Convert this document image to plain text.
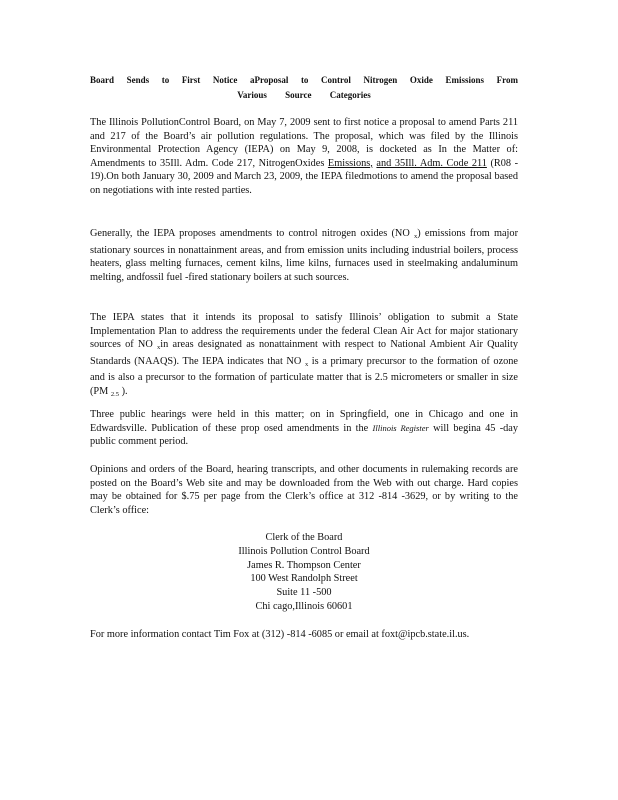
Board Sends to First Notice aProposal to Control Nitrogen Oxide Emissions From
Various Source Categories

The Illinois PollutionControl Board, on May 7, 2009 sent to first notice a proposal to amend Parts 211 and 217 of the Board’s air pollution regulations. The proposal, which was filed by the Illinois Environmental Protection Agency (IEPA) on May 9, 2008, is docketed as In the Matter of: Amendments to 35Ill. Adm. Code 217, NitrogenOxides Emissions, and 35Ill. Adm. Code 211 (R08 - 19).On both January 30, 2009 and March 23, 2009, the IEPA filedmotions to amend the proposal based on negotiations with inte rested parties.

Generally, the IEPA proposes amendments to control nitrogen oxides (NO $_x$) emissions from major stationary sources in nonattainment areas, and from emission units including industrial boilers, process heaters, glass melting furnaces, cement kilns, lime kilns, furnaces used in steelmaking andaluminum melting, andfossil fuel -fired stationary boilers at such sources.

The IEPA states that it intends its proposal to satisfy Illinois’ obligation to submit a State Implementation Plan to address the requirements under the federal Clean Air Act for major stationary sources of NO $_x$in areas designated as nonattainment with respect to National Ambient Air Quality Standards (NAAQS). The IEPA indicates that NO $_x$ is a primary precursor to the formation of ozone and is also a precursor to the formation of particulate matter that is 2.5 micrometers or smaller in size (PM $_{2.5}$ ).

Three public hearings were held in this matter; on in Springfield, one in Chicago and one in Edwardsville. Publication of these prop osed amendments in the Illinois Register will begina 45 -day public comment period.

Opinions and orders of the Board, hearing transcripts, and other documents in rulemaking records are posted on the Board’s Web site and may be downloaded from the Web with out charge. Hard copies may be obtained for $.75 per page from the Clerk’s office at 312 -814 -3629, or by writing to the Clerk’s office:

Clerk of the Board
Illinois Pollution Control Board
James R. Thompson Center
100 West Randolph Street
Suite 11 -500
Chi cago,Illinois 60601

For more information contact Tim Fox at (312) -814 -6085 or email at foxt@ipcb.state.il.us.
